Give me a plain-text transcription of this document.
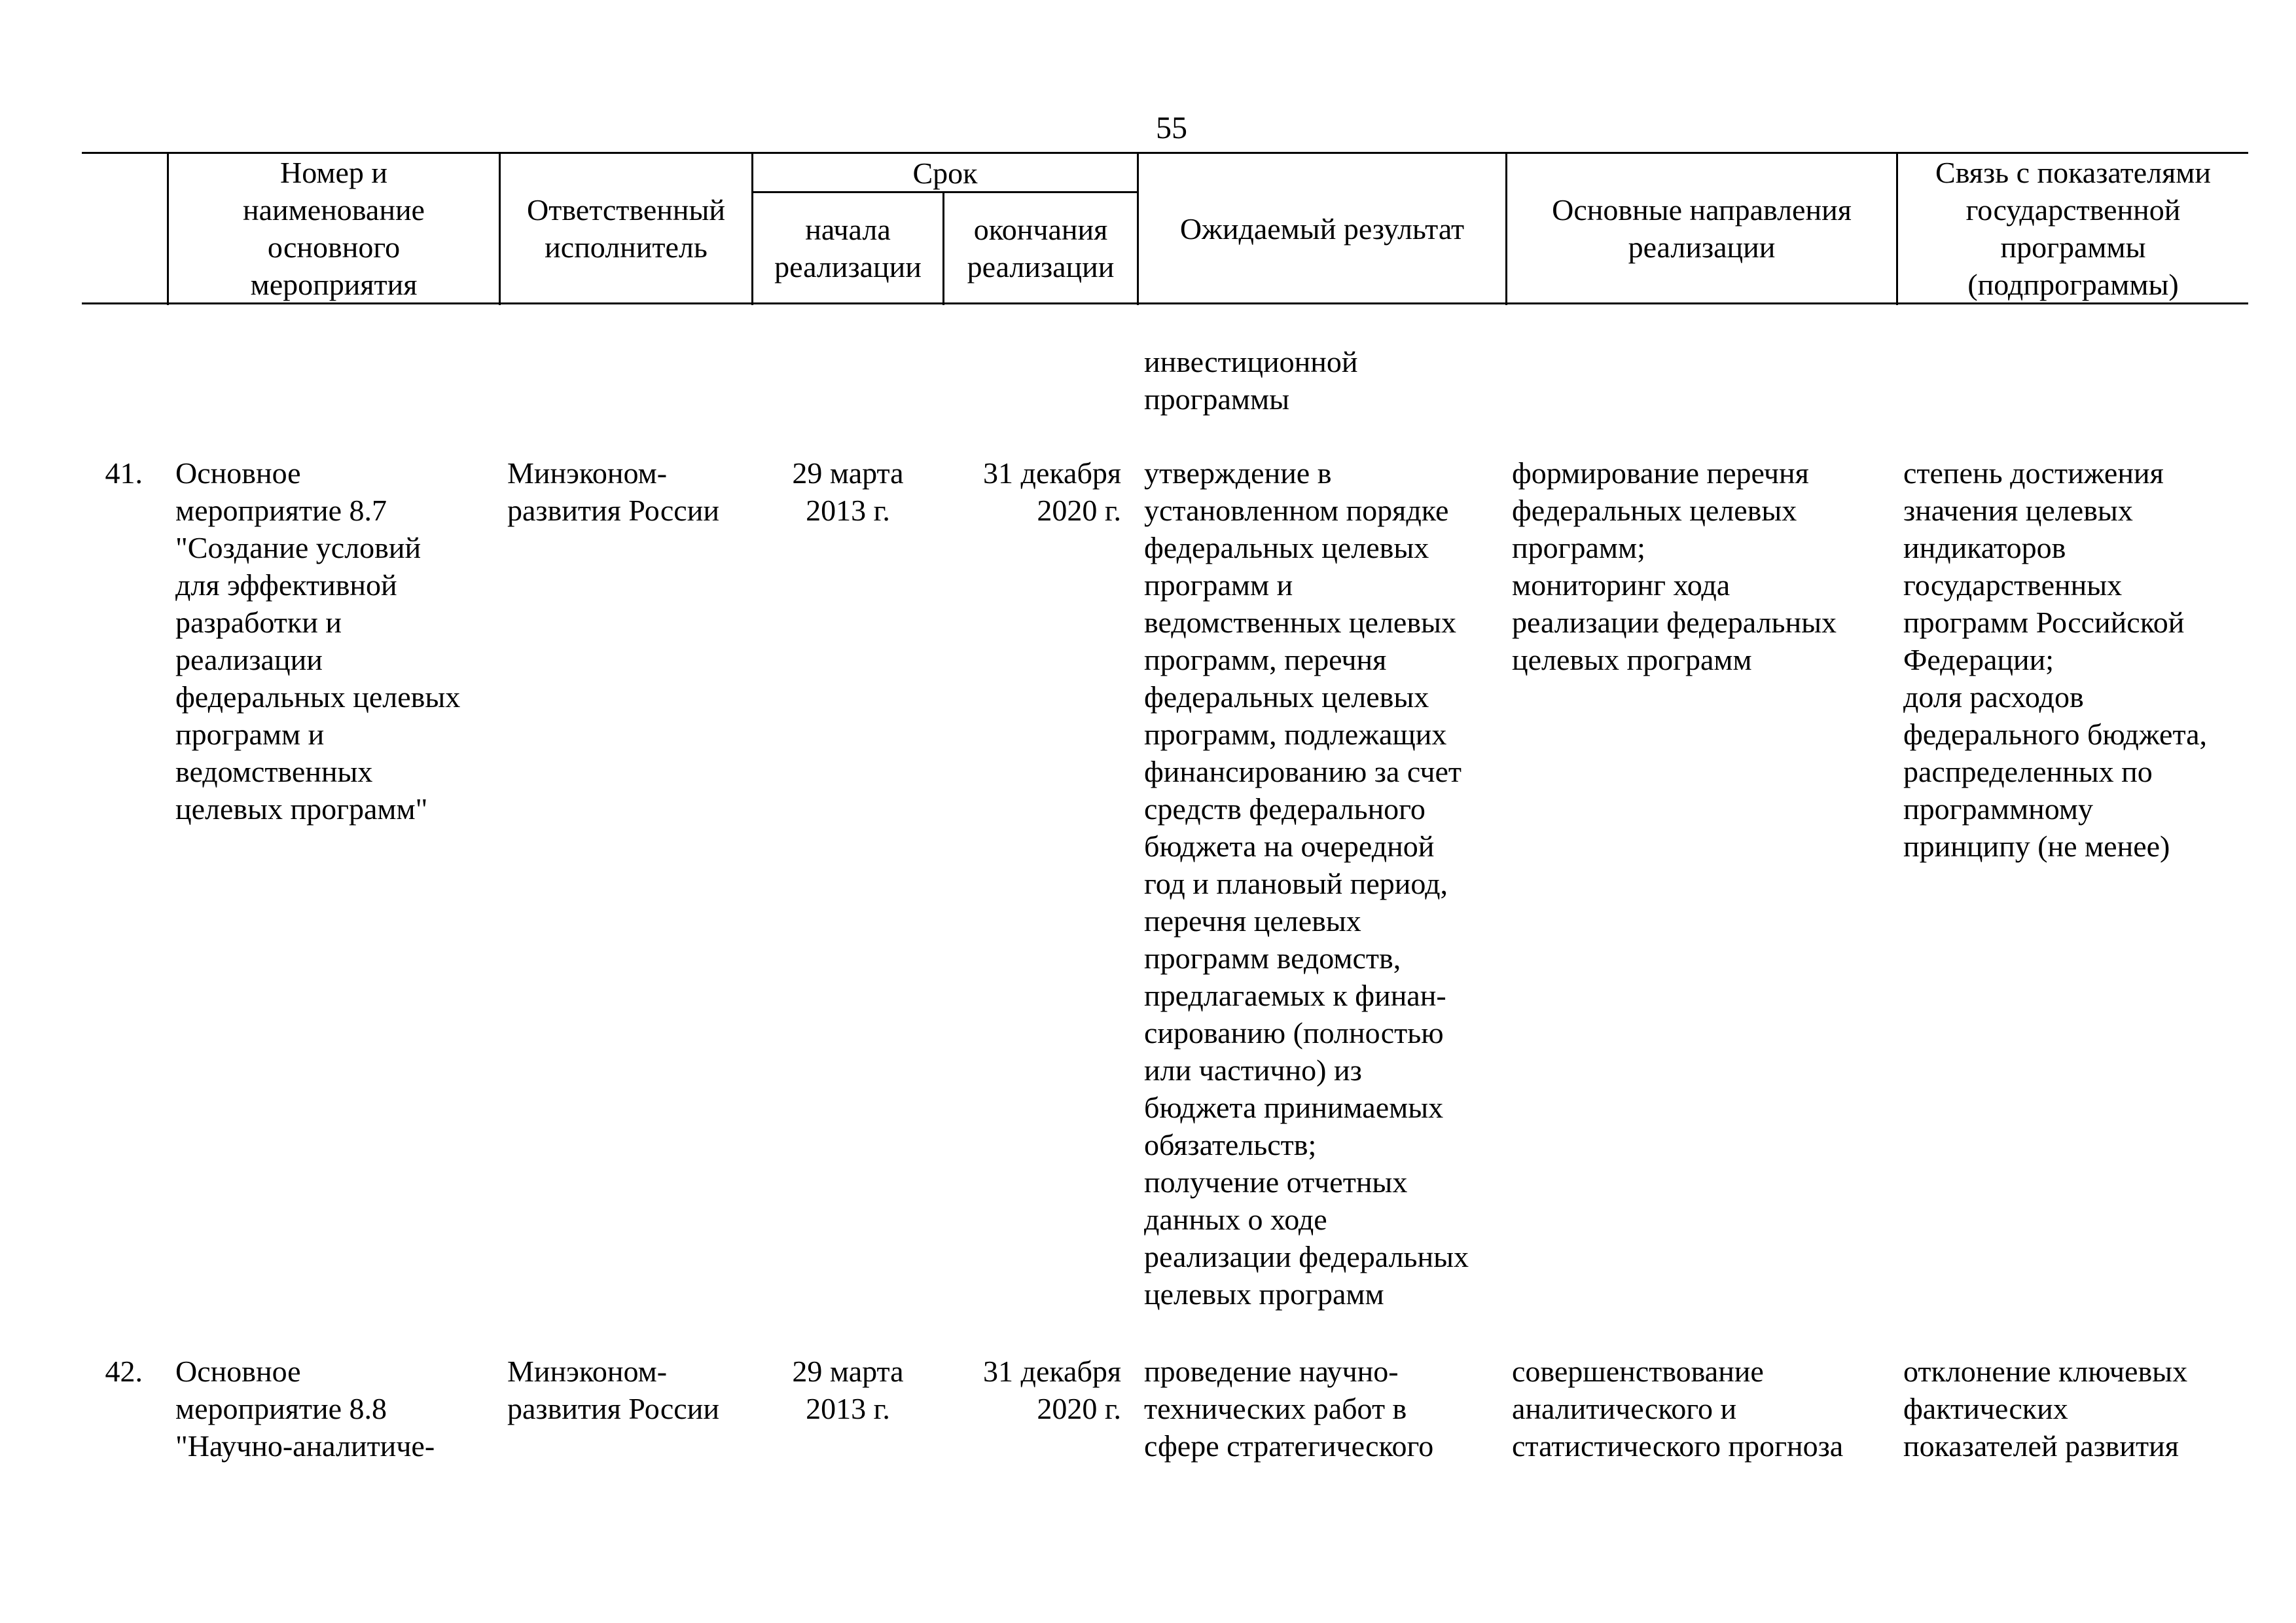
55
Номер и
наименование
основного
мероприятия
Ответственный
исполнитель
Срок
начала
реализации
окончания
реализации
Ожидаемый результат
Основные направления
реализации
Связь с показателями
государственной
программы
(подпрограммы)
инвестиционной
программы
41. Основное
мероприятие 8.7
"Создание условий
для эффективной
разработки и
реализации
федеральных целевых
программ и
ведомственных
целевых программ"
Минэконом-
развития России
29 марта
2013 г.
31 декабря
2020 г.
утверждение в
установленном порядке
федеральных целевых
программ и
ведомственных целевых
программ, перечня
федеральных целевых
программ, подлежащих
финансированию за счет
средств федерального
бюджета на очередной
год и плановый период,
перечня целевых
программ ведомств,
предлагаемых к финан-
сированию (полностью
или частично) из
бюджета принимаемых
обязательств;
получение отчетных
данных о ходе
реализации федеральных
целевых программ
формирование перечня
федеральных целевых
программ;
мониторинг хода
реализации федеральных
целевых программ
степень достижения
значения целевых
индикаторов
государственных
программ Российской
Федерации;
доля расходов
федерального бюджета,
распределенных по
программному
принципу (не менее)
42. Основное
мероприятие 8.8
"Научно-аналитиче-
Минэконом-
развития России
29 марта
2013 г.
31 декабря
2020 г.
проведение научно-
технических работ в
сфере стратегического
совершенствование
аналитического и
статистического прогноза
отклонение ключевых
фактических
показателей развития
